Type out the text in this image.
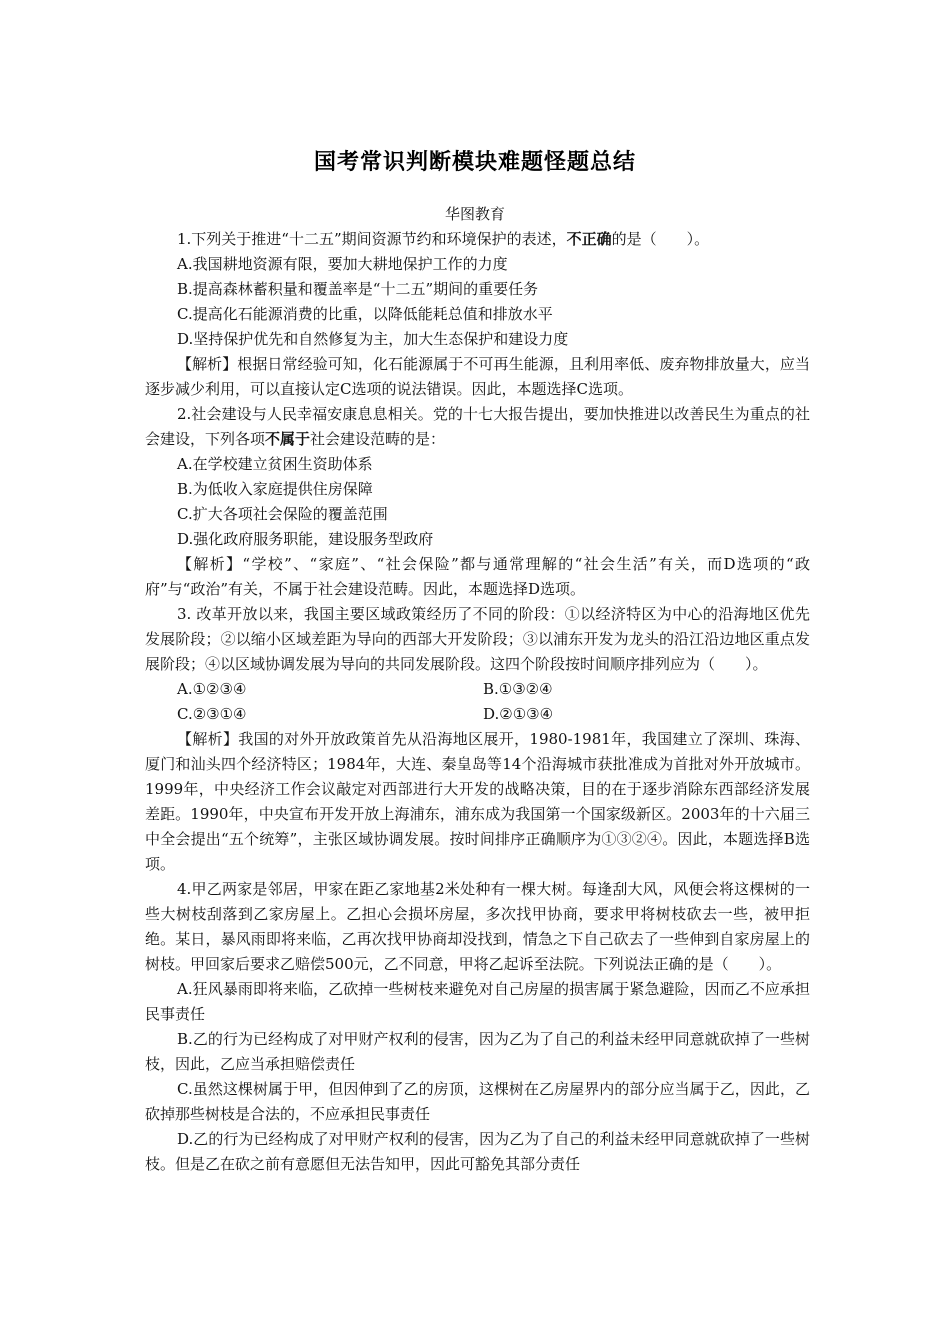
国考常识判断模块难题怪题总结
华图教育

1.下列关于推进“十二五”期间资源节约和环境保护的表述，不正确的是（　　）。

A.我国耕地资源有限，要加大耕地保护工作的力度

B.提高森林蓄积量和覆盖率是“十二五”期间的重要任务

C.提高化石能源消费的比重，以降低能耗总值和排放水平

D.坚持保护优先和自然修复为主，加大生态保护和建设力度

【解析】根据日常经验可知，化石能源属于不可再生能源，且利用率低、废弃物排放量大，应当逐步减少利用，可以直接认定C选项的说法错误。因此，本题选择C选项。

2.社会建设与人民幸福安康息息相关。党的十七大报告提出，要加快推进以改善民生为重点的社会建设，下列各项不属于社会建设范畴的是：

A.在学校建立贫困生资助体系

B.为低收入家庭提供住房保障

C.扩大各项社会保险的覆盖范围

D.强化政府服务职能，建设服务型政府

【解析】“学校”、“家庭”、“社会保险”都与通常理解的“社会生活”有关，而D选项的“政府”与“政治”有关，不属于社会建设范畴。因此，本题选择D选项。

3. 改革开放以来，我国主要区域政策经历了不同的阶段：①以经济特区为中心的沿海地区优先发展阶段；②以缩小区域差距为导向的西部大开发阶段；③以浦东开发为龙头的沿江沿边地区重点发展阶段；④以区域协调发展为导向的共同发展阶段。这四个阶段按时间顺序排列应为（　　）。

A.①②③④	B.①③②④
C.②③①④	D.②①③④

【解析】我国的对外开放政策首先从沿海地区展开，1980-1981年，我国建立了深圳、珠海、厦门和汕头四个经济特区；1984年，大连、秦皇岛等14个沿海城市获批准成为首批对外开放城市。1999年，中央经济工作会议敲定对西部进行大开发的战略决策，目的在于逐步消除东西部经济发展差距。1990年，中央宣布开发开放上海浦东，浦东成为我国第一个国家级新区。2003年的十六届三中全会提出“五个统筹”，主张区域协调发展。按时间排序正确顺序为①③②④。因此，本题选择B选项。

4.甲乙两家是邻居，甲家在距乙家地基2米处种有一棵大树。每逢刮大风，风便会将这棵树的一些大树枝刮落到乙家房屋上。乙担心会损坏房屋，多次找甲协商，要求甲将树枝砍去一些，被甲拒绝。某日，暴风雨即将来临，乙再次找甲协商却没找到，情急之下自己砍去了一些伸到自家房屋上的树枝。甲回家后要求乙赔偿500元，乙不同意，甲将乙起诉至法院。下列说法正确的是（　　）。

A.狂风暴雨即将来临，乙砍掉一些树枝来避免对自己房屋的损害属于紧急避险，因而乙不应承担民事责任

B.乙的行为已经构成了对甲财产权利的侵害，因为乙为了自己的利益未经甲同意就砍掉了一些树枝，因此，乙应当承担赔偿责任

C.虽然这棵树属于甲，但因伸到了乙的房顶，这棵树在乙房屋界内的部分应当属于乙，因此，乙砍掉那些树枝是合法的，不应承担民事责任

D.乙的行为已经构成了对甲财产权利的侵害，因为乙为了自己的利益未经甲同意就砍掉了一些树枝。但是乙在砍之前有意愿但无法告知甲，因此可豁免其部分责任
